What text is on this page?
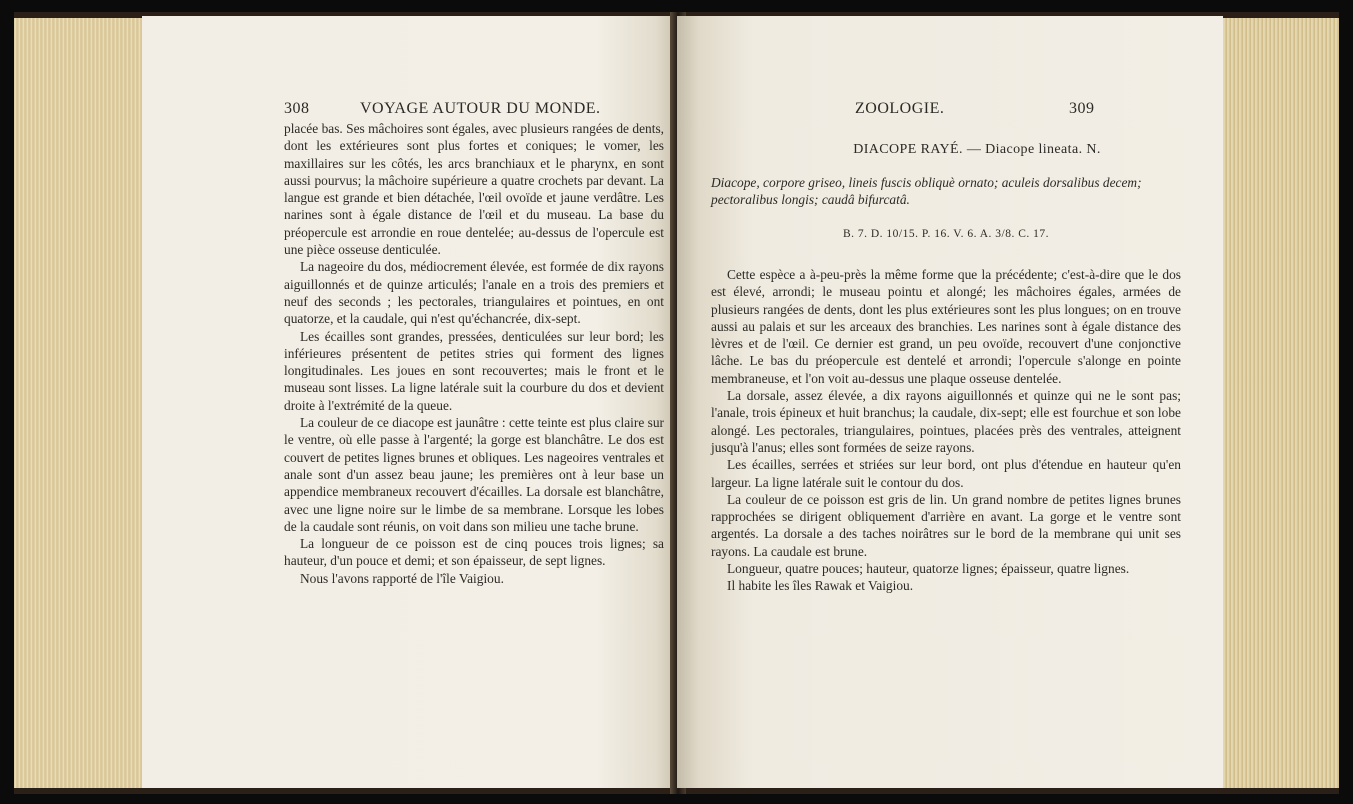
308	VOYAGE AUTOUR DU MONDE.

placée bas. Ses mâchoires sont égales, avec plusieurs rangées de dents, dont les extérieures sont plus fortes et coniques; le vomer, les maxillaires sur les côtés, les arcs branchiaux et le pharynx, en sont aussi pourvus; la mâchoire supérieure a quatre crochets par devant. La langue est grande et bien détachée, l'œil ovoïde et jaune verdâtre. Les narines sont à égale distance de l'œil et du museau. La base du préopercule est arrondie en roue dentelée; au-dessus de l'opercule est une pièce osseuse denticulée.

La nageoire du dos, médiocrement élevée, est formée de dix rayons aiguillonnés et de quinze articulés; l'anale en a trois des premiers et neuf des seconds ; les pectorales, triangulaires et pointues, en ont quatorze, et la caudale, qui n'est qu'échancrée, dix-sept.

Les écailles sont grandes, pressées, denticulées sur leur bord; les inférieures présentent de petites stries qui forment des lignes longitudinales. Les joues en sont recouvertes; mais le front et le museau sont lisses. La ligne latérale suit la courbure du dos et devient droite à l'extrémité de la queue.

La couleur de ce diacope est jaunâtre : cette teinte est plus claire sur le ventre, où elle passe à l'argenté; la gorge est blanchâtre. Le dos est couvert de petites lignes brunes et obliques. Les nageoires ventrales et anale sont d'un assez beau jaune; les premières ont à leur base un appendice membraneux recouvert d'écailles. La dorsale est blanchâtre, avec une ligne noire sur le limbe de sa membrane. Lorsque les lobes de la caudale sont réunis, on voit dans son milieu une tache brune.

La longueur de ce poisson est de cinq pouces trois lignes; sa hauteur, d'un pouce et demi; et son épaisseur, de sept lignes.

Nous l'avons rapporté de l'île Vaigiou.

ZOOLOGIE.	309
DIACOPE RAYÉ. — Diacope lineata. N.
Diacope, corpore griseo, lineis fuscis obliquè ornato; aculeis dorsalibus decem; pectoralibus longis; caudâ bifurcatâ.
B. 7. D. 10/15. P. 16. V. 6. A. 3/8. C. 17.

Cette espèce a à-peu-près la même forme que la précédente; c'est-à-dire que le dos est élevé, arrondi; le museau pointu et alongé; les mâchoires égales, armées de plusieurs rangées de dents, dont les plus extérieures sont les plus longues; on en trouve aussi au palais et sur les arceaux des branchies. Les narines sont à égale distance des lèvres et de l'œil. Ce dernier est grand, un peu ovoïde, recouvert d'une conjonctive lâche. Le bas du préopercule est dentelé et arrondi; l'opercule s'alonge en pointe membraneuse, et l'on voit au-dessus une plaque osseuse dentelée.

La dorsale, assez élevée, a dix rayons aiguillonnés et quinze qui ne le sont pas; l'anale, trois épineux et huit branchus; la caudale, dix-sept; elle est fourchue et son lobe alongé. Les pectorales, triangulaires, pointues, placées près des ventrales, atteignent jusqu'à l'anus; elles sont formées de seize rayons.

Les écailles, serrées et striées sur leur bord, ont plus d'étendue en hauteur qu'en largeur. La ligne latérale suit le contour du dos.

La couleur de ce poisson est gris de lin. Un grand nombre de petites lignes brunes rapprochées se dirigent obliquement d'arrière en avant. La gorge et le ventre sont argentés. La dorsale a des taches noirâtres sur le bord de la membrane qui unit ses rayons. La caudale est brune.

Longueur, quatre pouces; hauteur, quatorze lignes; épaisseur, quatre lignes.

Il habite les îles Rawak et Vaigiou.
